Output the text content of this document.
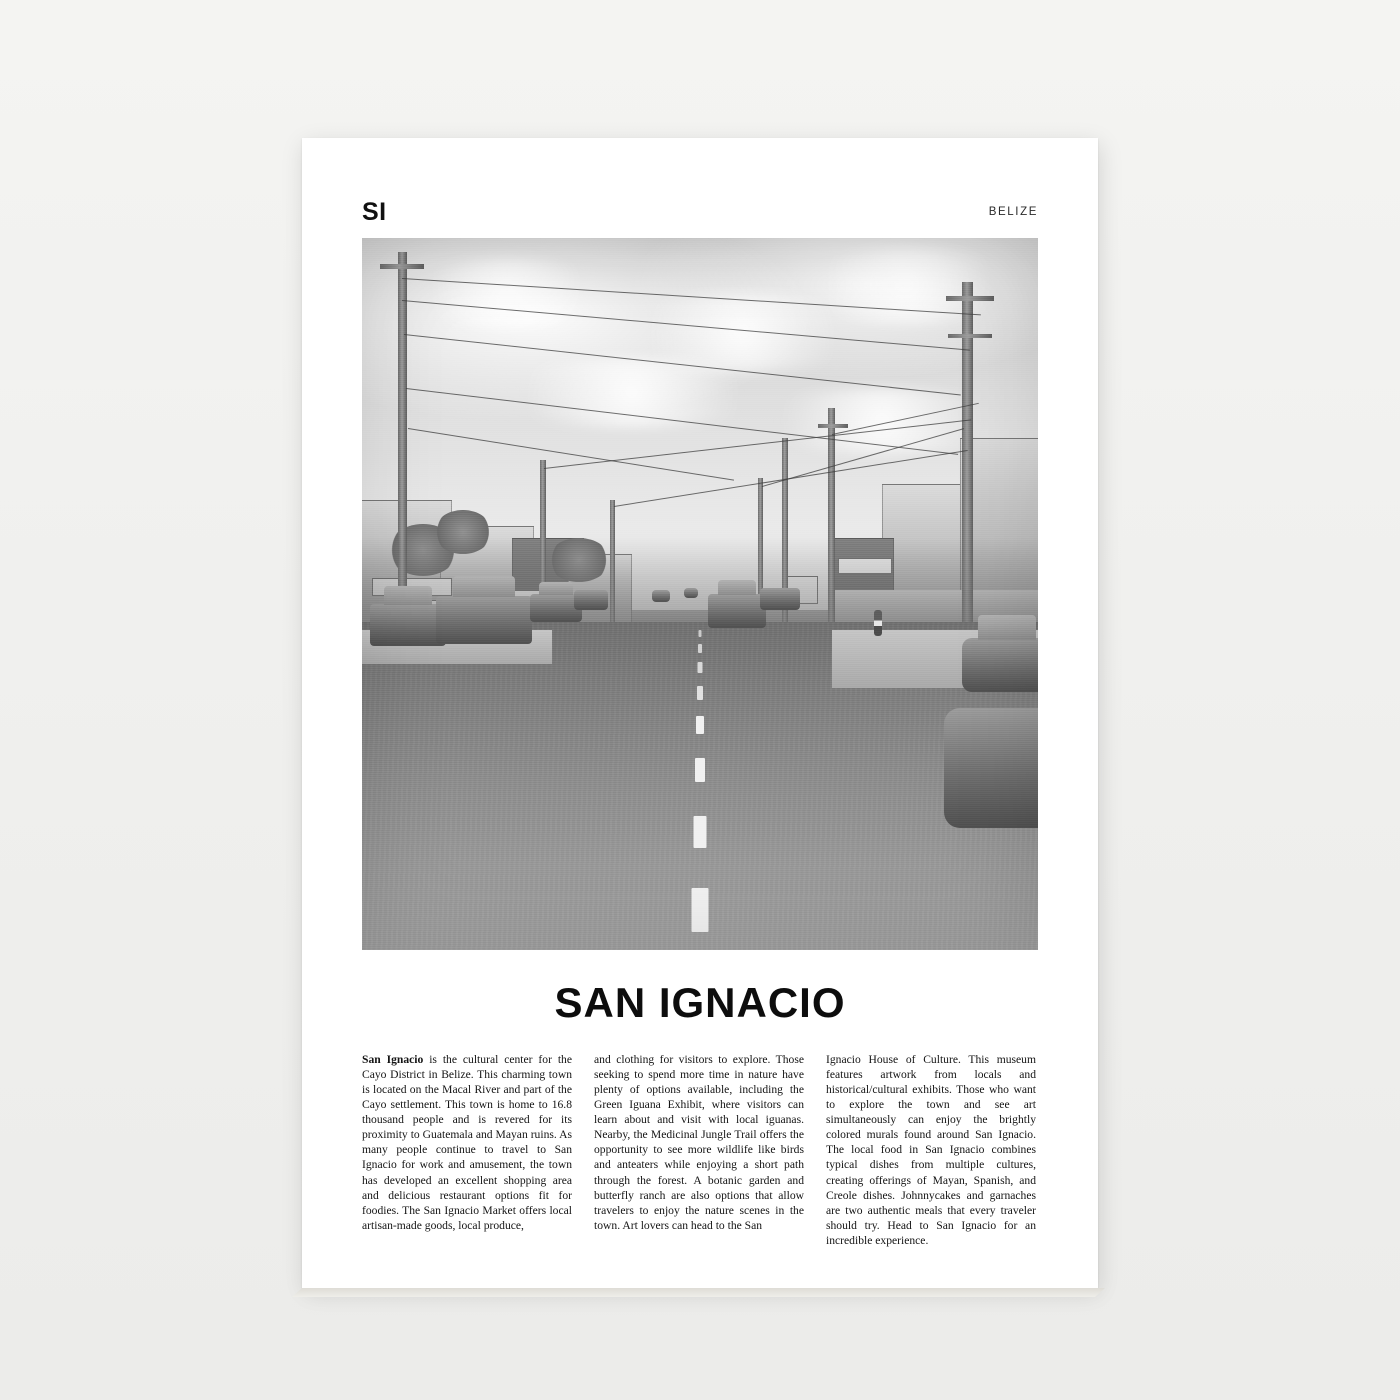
SI	BELIZE
SAN IGNACIO
San Ignacio is the cultural center for the Cayo District in Belize. This charming town is located on the Macal River and part of the Cayo settlement. This town is home to 16.8 thousand people and is revered for its proximity to Guatemala and Mayan ruins. As many people continue to travel to San Ignacio for work and amusement, the town has developed an excellent shopping area and delicious restaurant options fit for foodies. The San Ignacio Market offers local artisan-made goods, local produce,
and clothing for visitors to explore. Those seeking to spend more time in nature have plenty of options available, including the Green Iguana Exhibit, where visitors can learn about and visit with local iguanas. Nearby, the Medicinal Jungle Trail offers the opportunity to see more wildlife like birds and anteaters while enjoying a short path through the forest. A botanic garden and butterfly ranch are also options that allow travelers to enjoy the nature scenes in the town. Art lovers can head to the San
Ignacio House of Culture. This museum features artwork from locals and historical/cultural exhibits. Those who want to explore the town and see art simultaneously can enjoy the brightly colored murals found around San Ignacio. The local food in San Ignacio combines typical dishes from multiple cultures, creating offerings of Mayan, Spanish, and Creole dishes. Johnnycakes and garnaches are two authentic meals that every traveler should try. Head to San Ignacio for an incredible experience.
